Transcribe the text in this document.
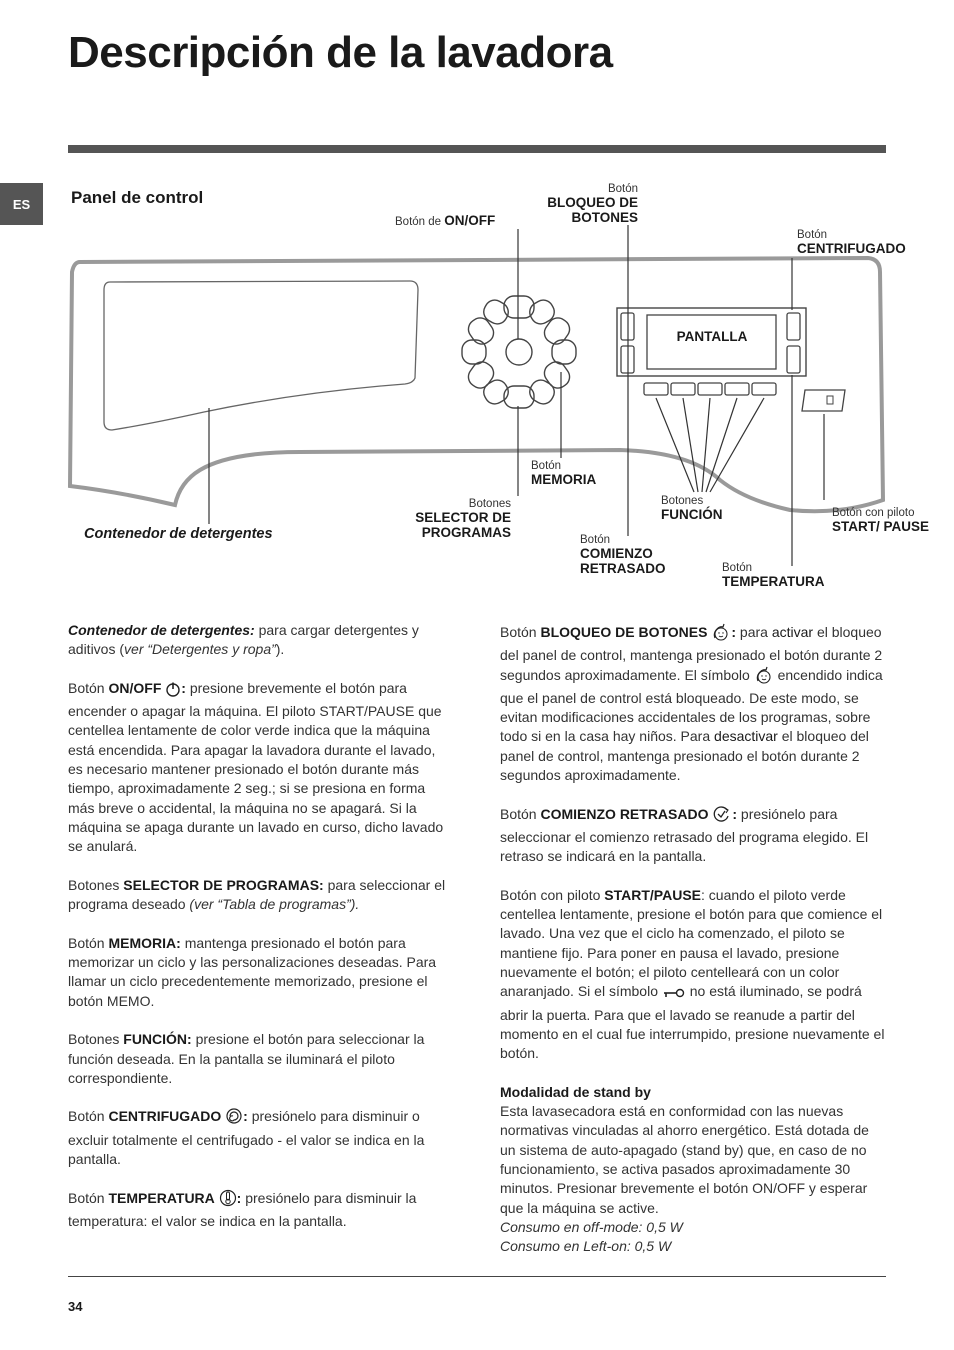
Descripción de la lavadora
ES	Panel de control
PANTALLA
Botón de ON/OFF
Botón
BLOQUEO DE BOTONES
Botón
CENTRIFUGADO
Botón
MEMORIA
Botones
SELECTOR DE PROGRAMAS
Botones
FUNCIÓN
Botón
COMIENZO RETRASADO	Botón
TEMPERATURA
Botón con piloto START/ PAUSE
Contenedor de detergentes

Contenedor de detergentes: para cargar detergentes y aditivos (ver “Detergentes y ropa”).

Botón ON/OFF : presione brevemente el botón para encender o apagar la máquina. El piloto START/PAUSE que centellea lentamente de color verde indica que la máquina está encendida. Para apagar la lavadora durante el lavado, es necesario mantener presionado el botón durante más tiempo, aproximadamente 2 seg.; si se presiona en forma más breve o accidental, la máquina no se apagará. Si la máquina se apaga durante un lavado en curso, dicho lavado se anulará.

Botones SELECTOR DE PROGRAMAS: para seleccionar el programa deseado (ver “Tabla de programas”).

Botón MEMORIA: mantenga presionado el botón para memorizar un ciclo y las personalizaciones deseadas. Para llamar un ciclo precedentemente memorizado, presione el botón MEMO.

Botones FUNCIÓN: presione el botón para seleccionar la función deseada. En la pantalla se iluminará el piloto correspondiente.

Botón CENTRIFUGADO : presiónelo para disminuir o excluir totalmente el centrifugado - el valor se indica en la pantalla.

Botón TEMPERATURA : presiónelo para disminuir la temperatura: el valor se indica en la pantalla.

Botón BLOQUEO DE BOTONES : para activar el bloqueo del panel de control, mantenga presionado el botón durante 2 segundos aproximadamente. El símbolo  encendido indica que el panel de control está bloqueado. De este modo, se evitan modificaciones accidentales de los programas, sobre todo si en la casa hay niños. Para desactivar el bloqueo del panel de control, mantenga presionado el botón durante 2 segundos aproximadamente.

Botón COMIENZO RETRASADO : presiónelo para seleccionar el comienzo retrasado del programa elegido. El retraso se indicará en la pantalla.

Botón con piloto START/PAUSE: cuando el piloto verde centellea lentamente, presione el botón para que comience el lavado. Una vez que el ciclo ha comenzado, el piloto se mantiene fijo. Para poner en pausa el lavado, presione nuevamente el botón; el piloto centelleará con un color anaranjado. Si el símbolo  no está iluminado, se podrá abrir la puerta. Para que el lavado se reanude a partir del momento en el cual fue interrumpido, presione nuevamente el botón.

Modalidad de stand by
Esta lavasecadora está en conformidad con las nuevas normativas vinculadas al ahorro energético. Está dotada de un sistema de auto-apagado (stand by) que, en caso de no funcionamiento, se activa pasados aproximadamente 30 minutos. Presionar brevemente el botón ON/OFF y esperar que la máquina se active.
Consumo en off-mode: 0,5 W
Consumo en Left-on: 0,5 W
34
